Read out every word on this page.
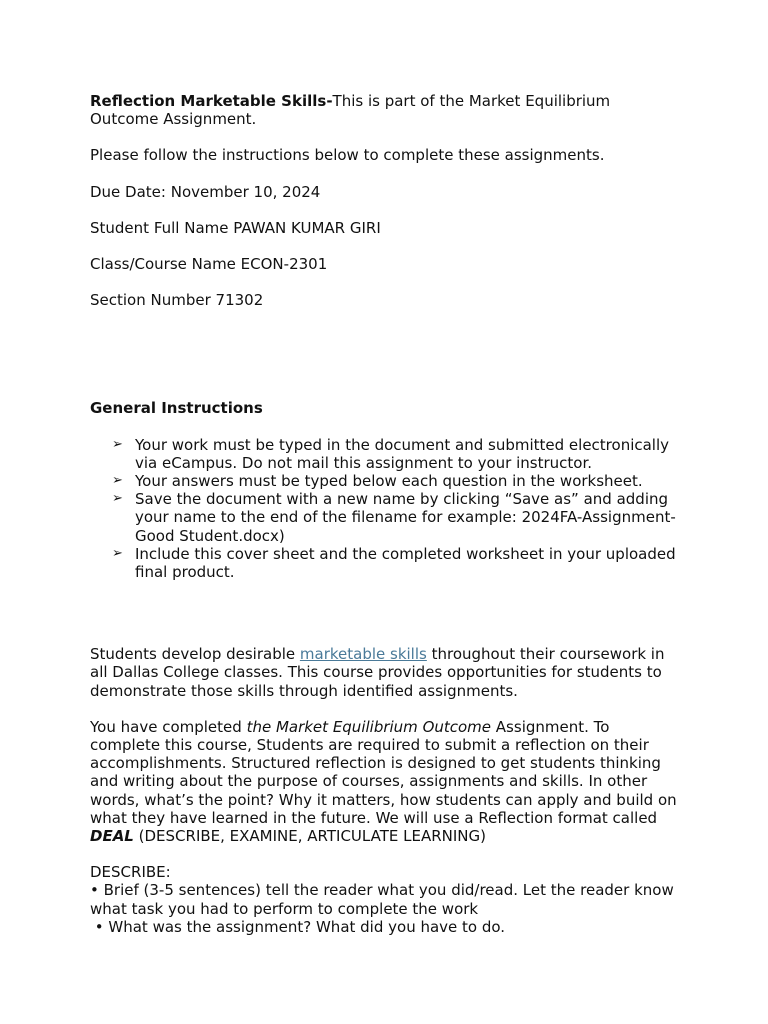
Reflection Marketable Skills-This is part of the Market Equilibrium Outcome Assignment.

Please follow the instructions below to complete these assignments.

Due Date: November 10, 2024

Student Full Name PAWAN KUMAR GIRI

Class/Course Name ECON-2301

Section Number 71302

General Instructions

➢ Your work must be typed in the document and submitted electronically via eCampus. Do not mail this assignment to your instructor.
➢ Your answers must be typed below each question in the worksheet.
➢ Save the document with a new name by clicking “Save as” and adding your name to the end of the filename for example: 2024FA-Assignment-Good Student.docx)
➢ Include this cover sheet and the completed worksheet in your uploaded final product.

Students develop desirable marketable skills throughout their coursework in all Dallas College classes. This course provides opportunities for students to demonstrate those skills through identified assignments.

You have completed the Market Equilibrium Outcome Assignment. To complete this course, Students are required to submit a reflection on their accomplishments. Structured reflection is designed to get students thinking and writing about the purpose of courses, assignments and skills. In other words, what’s the point? Why it matters, how students can apply and build on what they have learned in the future. We will use a Reflection format called DEAL (DESCRIBE, EXAMINE, ARTICULATE LEARNING)

DESCRIBE:
• Brief (3-5 sentences) tell the reader what you did/read. Let the reader know what task you had to perform to complete the work
• What was the assignment? What did you have to do.
